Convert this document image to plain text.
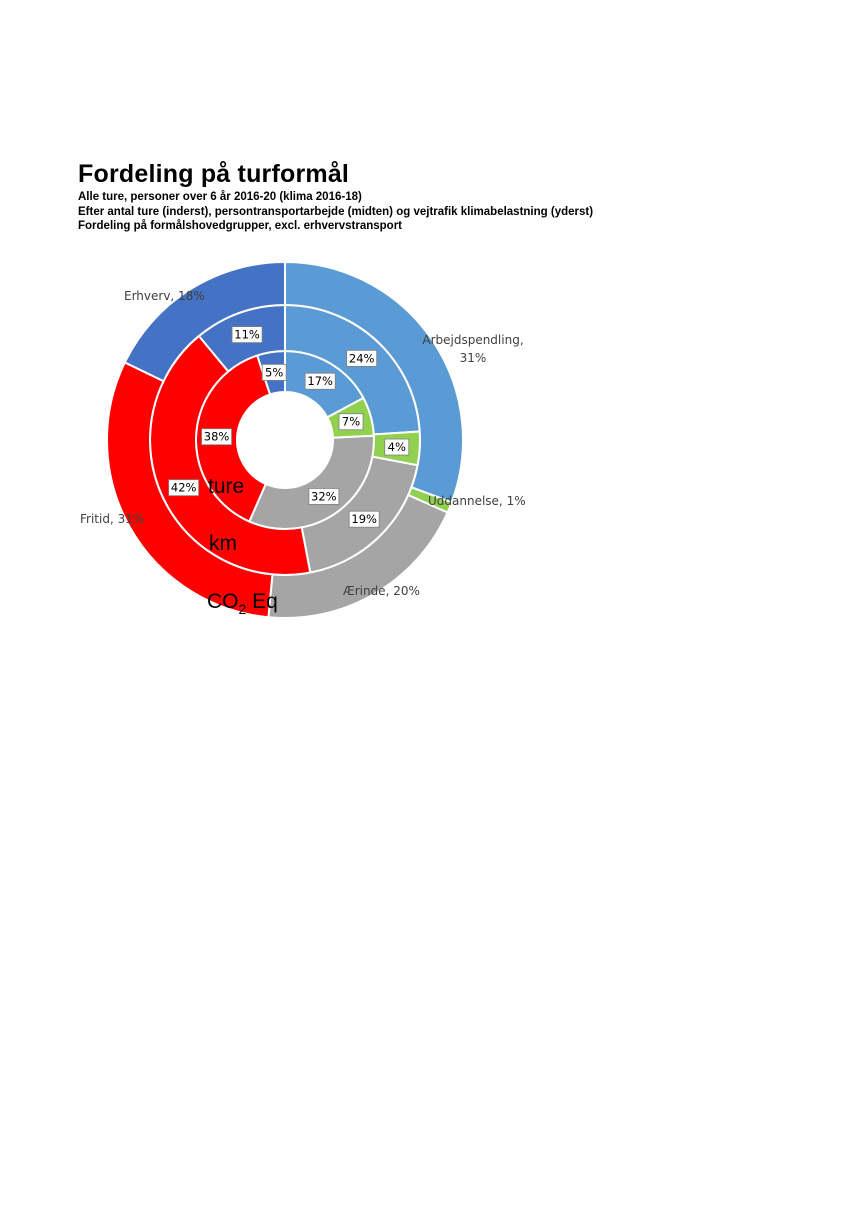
Fordeling på turformål
Alle ture, personer over 6 år 2016-20 (klima 2016-18)
Efter antal ture (inderst), persontransportarbejde (midten) og vejtrafik klimabelastning (yderst)
Fordeling på formålshovedgrupper, excl. erhvervstransport
17%
7%
32%
38%
5%
24%
4%
19%
42%
11%	Arbejdspendling, 31%
Uddannelse, 1%
Ærinde, 20%
Fritid, 31%
Erhverv, 18%
ture
km
$CO_2$ Eq
